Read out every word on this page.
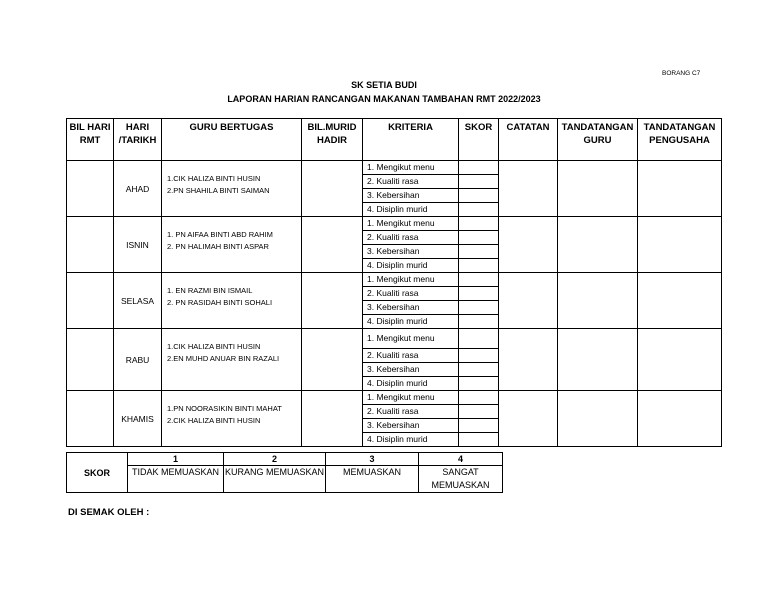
BORANG C7
SK SETIA BUDI
LAPORAN HARIAN RANCANGAN MAKANAN TAMBAHAN RMT 2022/2023
BIL HARI RMT	HARI /TARIKH	GURU BERTUGAS	BIL.MURID HADIR	KRITERIA	SKOR	CATATAN	TANDATANGAN GURU	TANDATANGAN PENGUSAHA
	AHAD	1.CIK HALIZA BINTI HUSIN
2.PN SHAHILA BINTI SAIMAN		1. Mengikut menu				
				2. Kualiti rasa				
				3. Kebersihan				
				4. Disiplin murid				
	ISNIN	1. PN AIFAA BINTI ABD RAHIM
2. PN HALIMAH BINTI ASPAR		1. Mengikut menu				
				2. Kualiti rasa				
				3. Kebersihan				
				4. Disiplin murid				
	SELASA	1. EN RAZMI BIN ISMAIL
2. PN RASIDAH BINTI SOHALI		1. Mengikut menu				
				2. Kualiti rasa				
				3. Kebersihan				
				4. Disiplin murid				
	RABU	1.CIK HALIZA BINTI HUSIN
2.EN MUHD ANUAR BIN RAZALI		1. Mengikut menu				
				2. Kualiti rasa				
				3. Kebersihan				
				4. Disiplin murid				
	KHAMIS	1.PN NOORASIKIN BINTI MAHAT
2.CIK HALIZA BINTI HUSIN		1. Mengikut menu				
				2. Kualiti rasa				
				3. Kebersihan				
				4. Disiplin murid				
SKOR	1	2	3	4
	TIDAK MEMUASKAN	KURANG MEMUASKAN	MEMUASKAN	SANGAT MEMUASKAN
DI SEMAK OLEH :
